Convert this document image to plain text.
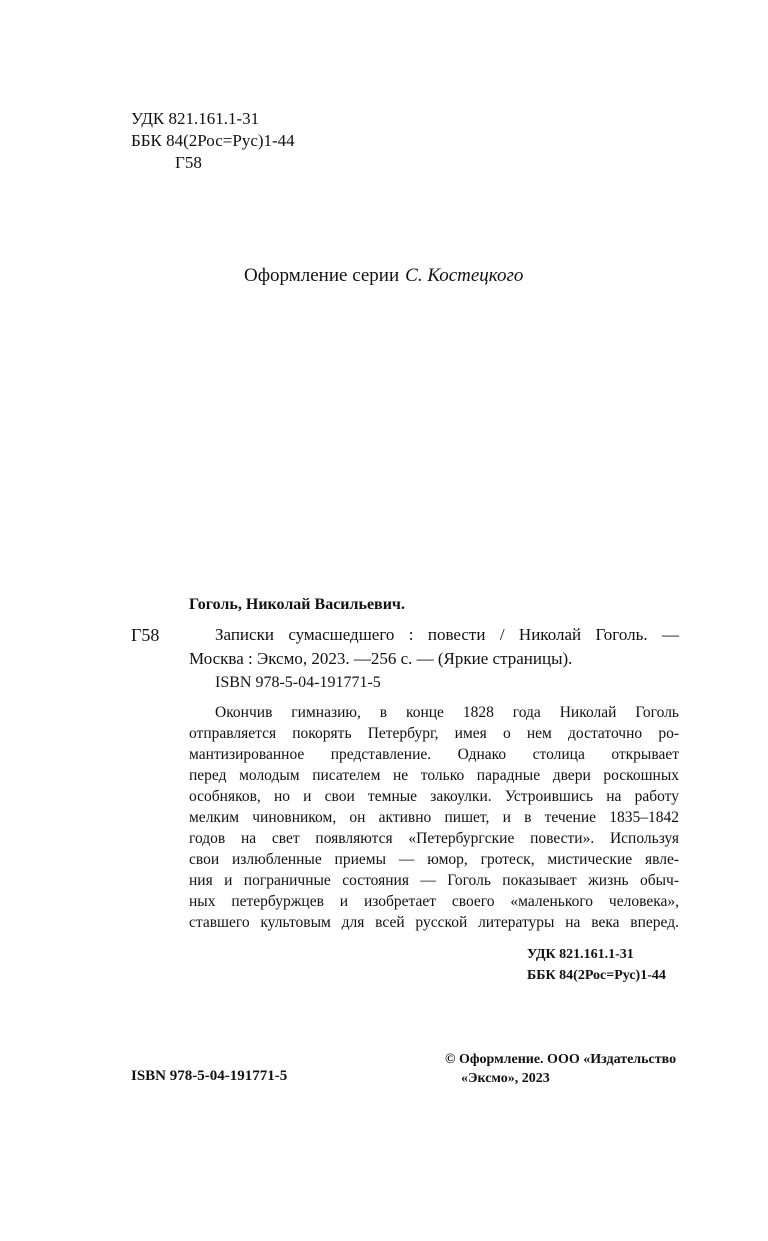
УДК 821.161.1-31
ББК 84(2Рос=Рус)1-44
Г58
Оформление серии С. Костецкого
Гоголь, Николай Васильевич.
Г58	Записки сумасшедшего : повести / Николай Гоголь. —
Москва : Эксмо, 2023. —256 с. — (Яркие страницы).
ISBN 978-5-04-191771-5
Окончив гимназию, в конце 1828 года Николай Гоголь
отправляется покорять Петербург, имея о нем достаточно ро-
мантизированное представление. Однако столица открывает
перед молодым писателем не только парадные двери роскошных
особняков, но и свои темные закоулки. Устроившись на работу
мелким чиновником, он активно пишет, и в течение 1835–1842
годов на свет появляются «Петербургские повести». Используя
свои излюбленные приемы — юмор, гротеск, мистические явле-
ния и пограничные состояния — Гоголь показывает жизнь обыч-
ных петербуржцев и изобретает своего «маленького человека»,
ставшего культовым для всей русской литературы на века вперед.
УДК 821.161.1-31
ББК 84(2Рос=Рус)1-44
© Оформление. ООО «Издательство
«Эксмо», 2023
ISBN 978-5-04-191771-5
